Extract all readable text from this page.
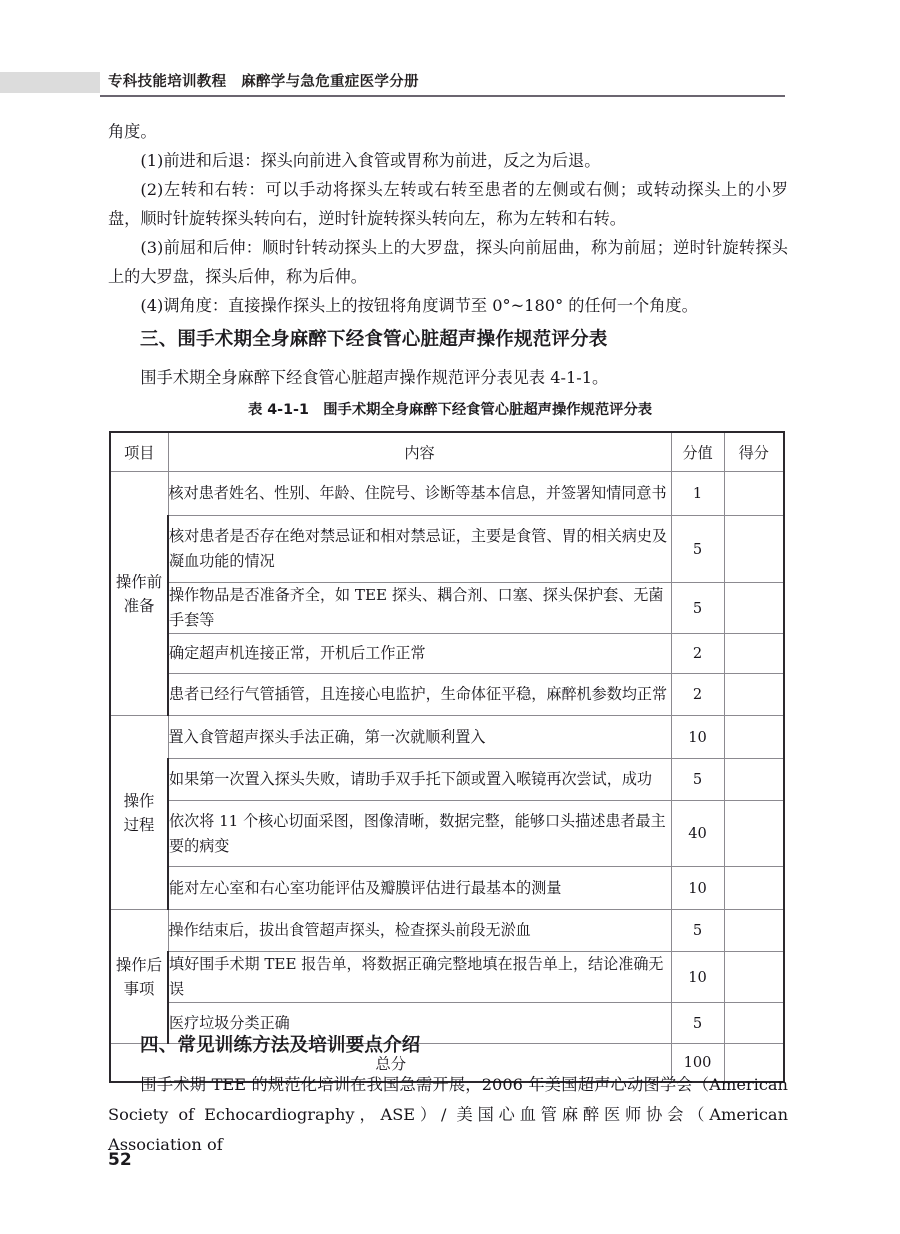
专科技能培训教程　麻醉学与急危重症医学分册
角度。
(1)前进和后退：探头向前进入食管或胃称为前进，反之为后退。
(2)左转和右转：可以手动将探头左转或右转至患者的左侧或右侧；或转动探头上的小罗盘，顺时针旋转探头转向右，逆时针旋转探头转向左，称为左转和右转。
(3)前屈和后伸：顺时针转动探头上的大罗盘，探头向前屈曲，称为前屈；逆时针旋转探头上的大罗盘，探头后伸，称为后伸。
(4)调角度：直接操作探头上的按钮将角度调节至 0°~180° 的任何一个角度。
三、围手术期全身麻醉下经食管心脏超声操作规范评分表
围手术期全身麻醉下经食管心脏超声操作规范评分表见表 4-1-1。
表 4-1-1　围手术期全身麻醉下经食管心脏超声操作规范评分表
项目	内容	分值	得分
操作前
准备	核对患者姓名、性别、年龄、住院号、诊断等基本信息，并签署知情同意书	1	
	核对患者是否存在绝对禁忌证和相对禁忌证，主要是食管、胃的相关病史及凝血功能的情况	5	
	操作物品是否准备齐全，如 TEE 探头、耦合剂、口塞、探头保护套、无菌手套等	5	
	确定超声机连接正常，开机后工作正常	2	
	患者已经行气管插管，且连接心电监护，生命体征平稳，麻醉机参数均正常	2	
操作
过程	置入食管超声探头手法正确，第一次就顺利置入	10	
	如果第一次置入探头失败，请助手双手托下颌或置入喉镜再次尝试，成功	5	
	依次将 11 个核心切面采图，图像清晰，数据完整，能够口头描述患者最主要的病变	40	
	能对左心室和右心室功能评估及瓣膜评估进行最基本的测量	10	
操作后
事项	操作结束后，拔出食管超声探头，检查探头前段无淤血	5	
	填好围手术期 TEE 报告单，将数据正确完整地填在报告单上，结论准确无误	10	
	医疗垃圾分类正确	5	
总分		100	
四、常见训练方法及培训要点介绍
围手术期 TEE 的规范化培训在我国急需开展，2006 年美国超声心动图学会（American Society of Echocardiography，ASE）/ 美国心血管麻醉医师协会（American Association of
52
